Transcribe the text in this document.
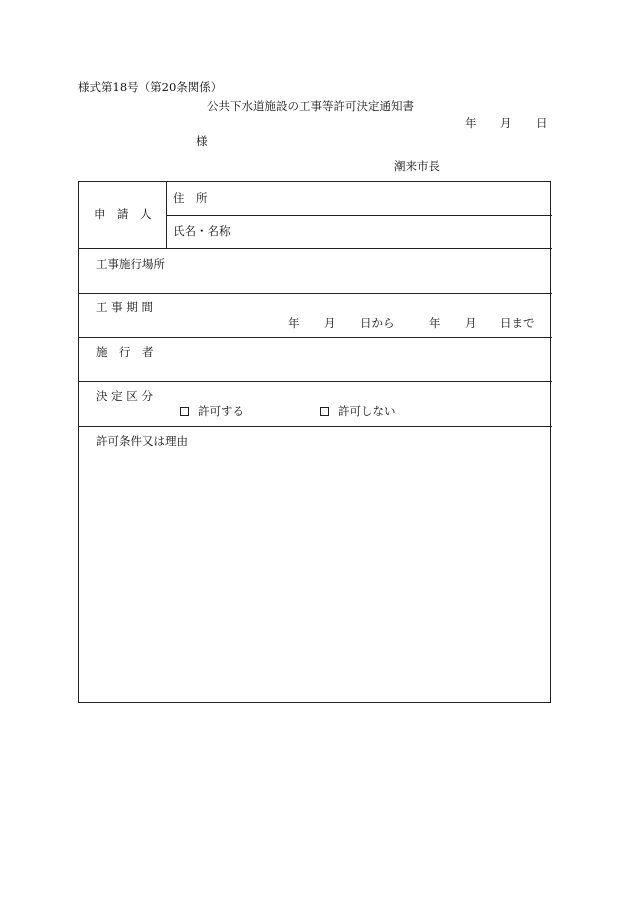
様式第18号（第20条関係）
公共下水道施設の工事等許可決定通知書
年 月 日
様
潮来市長
申　請　人
住　所
氏名・名称
工事施行場所
工 事 期 間
年 月 日から	年 月 日まで
施　行　者
決 定 区 分
許可する	許可しない
許可条件又は理由
